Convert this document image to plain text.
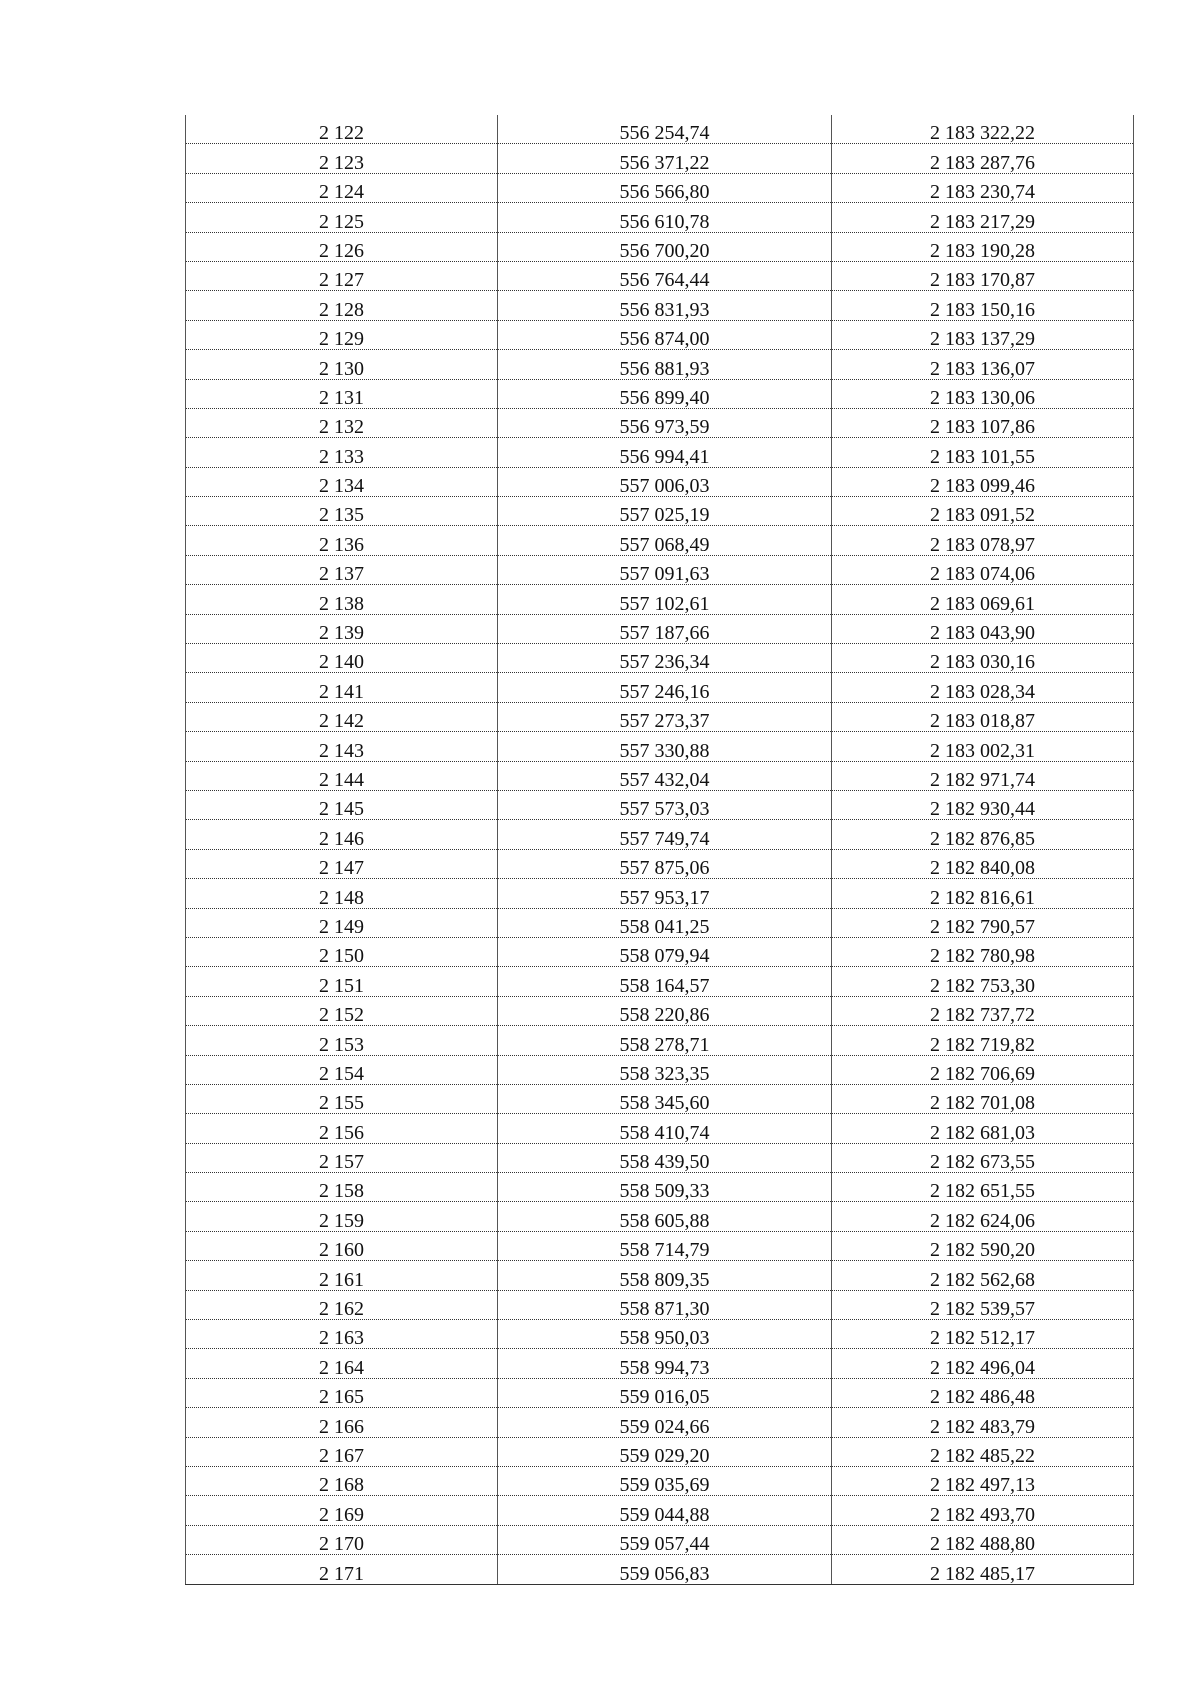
2 122	556 254,74	2 183 322,22
2 123	556 371,22	2 183 287,76
2 124	556 566,80	2 183 230,74
2 125	556 610,78	2 183 217,29
2 126	556 700,20	2 183 190,28
2 127	556 764,44	2 183 170,87
2 128	556 831,93	2 183 150,16
2 129	556 874,00	2 183 137,29
2 130	556 881,93	2 183 136,07
2 131	556 899,40	2 183 130,06
2 132	556 973,59	2 183 107,86
2 133	556 994,41	2 183 101,55
2 134	557 006,03	2 183 099,46
2 135	557 025,19	2 183 091,52
2 136	557 068,49	2 183 078,97
2 137	557 091,63	2 183 074,06
2 138	557 102,61	2 183 069,61
2 139	557 187,66	2 183 043,90
2 140	557 236,34	2 183 030,16
2 141	557 246,16	2 183 028,34
2 142	557 273,37	2 183 018,87
2 143	557 330,88	2 183 002,31
2 144	557 432,04	2 182 971,74
2 145	557 573,03	2 182 930,44
2 146	557 749,74	2 182 876,85
2 147	557 875,06	2 182 840,08
2 148	557 953,17	2 182 816,61
2 149	558 041,25	2 182 790,57
2 150	558 079,94	2 182 780,98
2 151	558 164,57	2 182 753,30
2 152	558 220,86	2 182 737,72
2 153	558 278,71	2 182 719,82
2 154	558 323,35	2 182 706,69
2 155	558 345,60	2 182 701,08
2 156	558 410,74	2 182 681,03
2 157	558 439,50	2 182 673,55
2 158	558 509,33	2 182 651,55
2 159	558 605,88	2 182 624,06
2 160	558 714,79	2 182 590,20
2 161	558 809,35	2 182 562,68
2 162	558 871,30	2 182 539,57
2 163	558 950,03	2 182 512,17
2 164	558 994,73	2 182 496,04
2 165	559 016,05	2 182 486,48
2 166	559 024,66	2 182 483,79
2 167	559 029,20	2 182 485,22
2 168	559 035,69	2 182 497,13
2 169	559 044,88	2 182 493,70
2 170	559 057,44	2 182 488,80
2 171	559 056,83	2 182 485,17
